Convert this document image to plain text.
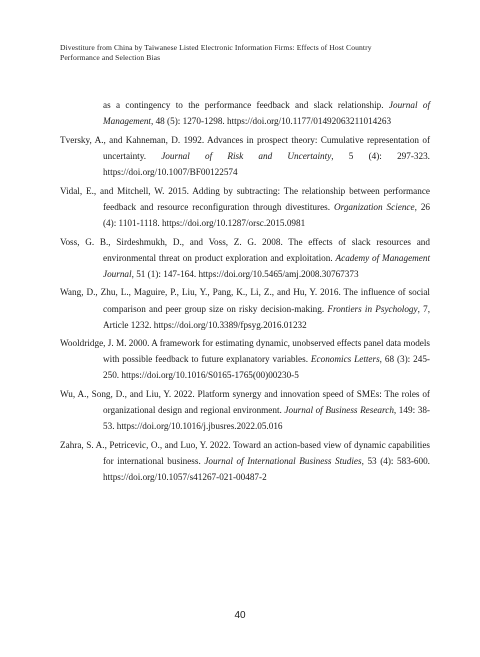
Divestiture from China by Taiwanese Listed Electronic Information Firms: Effects of Host Country
Performance and Selection Bias

as a contingency to the performance feedback and slack relationship. Journal of Management, 48 (5): 1270-1298. https://doi.org/10.1177/01492063211014263

Tversky, A., and Kahneman, D. 1992. Advances in prospect theory: Cumulative representation of uncertainty. Journal of Risk and Uncertainty, 5 (4): 297-323. https://doi.org/10.1007/BF00122574

Vidal, E., and Mitchell, W. 2015. Adding by subtracting: The relationship between performance feedback and resource reconfiguration through divestitures. Organization Science, 26 (4): 1101-1118. https://doi.org/10.1287/orsc.2015.0981

Voss, G. B., Sirdeshmukh, D., and Voss, Z. G. 2008. The effects of slack resources and environmental threat on product exploration and exploitation. Academy of Management Journal, 51 (1): 147-164. https://doi.org/10.5465/amj.2008.30767373

Wang, D., Zhu, L., Maguire, P., Liu, Y., Pang, K., Li, Z., and Hu, Y. 2016. The influence of social comparison and peer group size on risky decision-making. Frontiers in Psychology, 7, Article 1232. https://doi.org/10.3389/fpsyg.2016.01232

Wooldridge, J. M. 2000. A framework for estimating dynamic, unobserved effects panel data models with possible feedback to future explanatory variables. Economics Letters, 68 (3): 245-250. https://doi.org/10.1016/S0165-1765(00)00230-5

Wu, A., Song, D., and Liu, Y. 2022. Platform synergy and innovation speed of SMEs: The roles of organizational design and regional environment. Journal of Business Research, 149: 38-53. https://doi.org/10.1016/j.jbusres.2022.05.016

Zahra, S. A., Petricevic, O., and Luo, Y. 2022. Toward an action-based view of dynamic capabilities for international business. Journal of International Business Studies, 53 (4): 583-600. https://doi.org/10.1057/s41267-021-00487-2

40
